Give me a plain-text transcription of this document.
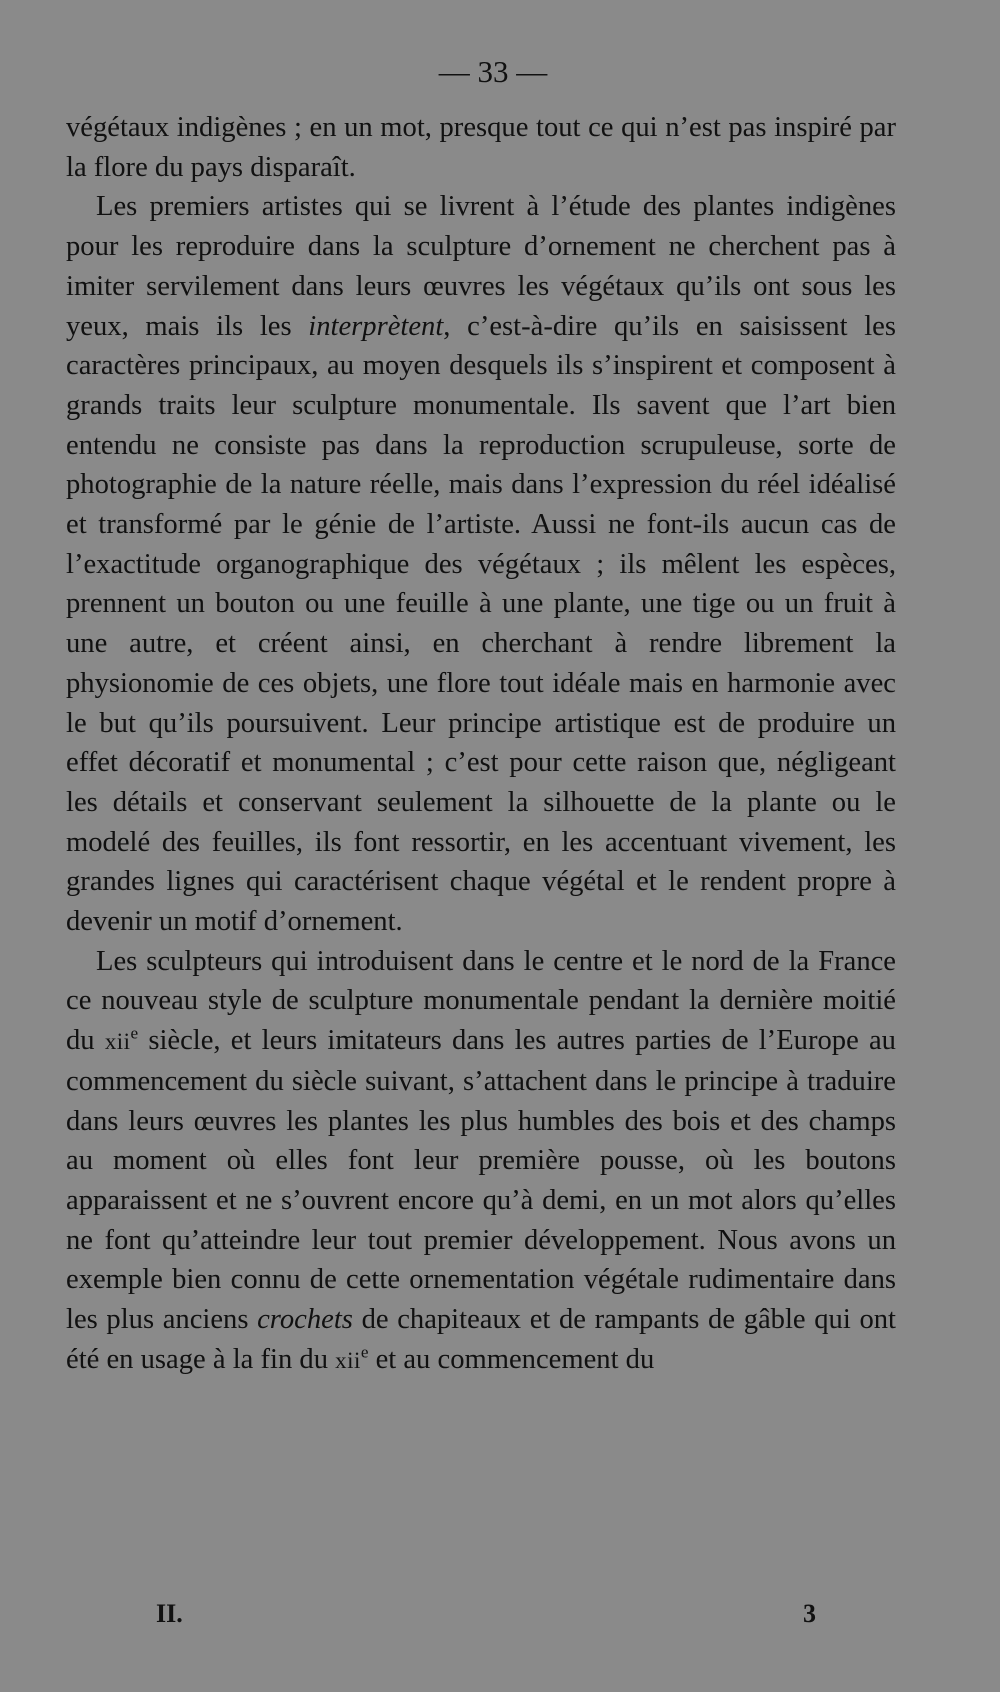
— 33 —

végétaux indigènes ; en un mot, presque tout ce qui n’est pas inspiré par la flore du pays disparaît.

Les premiers artistes qui se livrent à l’étude des plantes indigènes pour les reproduire dans la sculpture d’ornement ne cherchent pas à imiter servilement dans leurs œuvres les végétaux qu’ils ont sous les yeux, mais ils les interprètent, c’est-à-dire qu’ils en saisissent les caractères principaux, au moyen desquels ils s’inspirent et composent à grands traits leur sculpture monumentale. Ils savent que l’art bien entendu ne consiste pas dans la reproduction scrupuleuse, sorte de photographie de la nature réelle, mais dans l’expression du réel idéalisé et transformé par le génie de l’artiste. Aussi ne font-ils aucun cas de l’exactitude organographique des végétaux ; ils mêlent les espèces, prennent un bouton ou une feuille à une plante, une tige ou un fruit à une autre, et créent ainsi, en cherchant à rendre librement la physionomie de ces objets, une flore tout idéale mais en harmonie avec le but qu’ils poursuivent. Leur principe artistique est de produire un effet décoratif et monumental ; c’est pour cette raison que, négligeant les détails et conservant seulement la silhouette de la plante ou le modelé des feuilles, ils font ressortir, en les accentuant vivement, les grandes lignes qui caractérisent chaque végétal et le rendent propre à devenir un motif d’ornement.

Les sculpteurs qui introduisent dans le centre et le nord de la France ce nouveau style de sculpture monumentale pendant la dernière moitié du xii$^e$ siècle, et leurs imitateurs dans les autres parties de l’Europe au commencement du siècle suivant, s’attachent dans le principe à traduire dans leurs œuvres les plantes les plus humbles des bois et des champs au moment où elles font leur première pousse, où les boutons apparaissent et ne s’ouvrent encore qu’à demi, en un mot alors qu’elles ne font qu’atteindre leur tout premier développement. Nous avons un exemple bien connu de cette ornementation végétale rudimentaire dans les plus anciens crochets de chapiteaux et de rampants de gâble qui ont été en usage à la fin du xii$^e$ et au commencement du

II.	3
